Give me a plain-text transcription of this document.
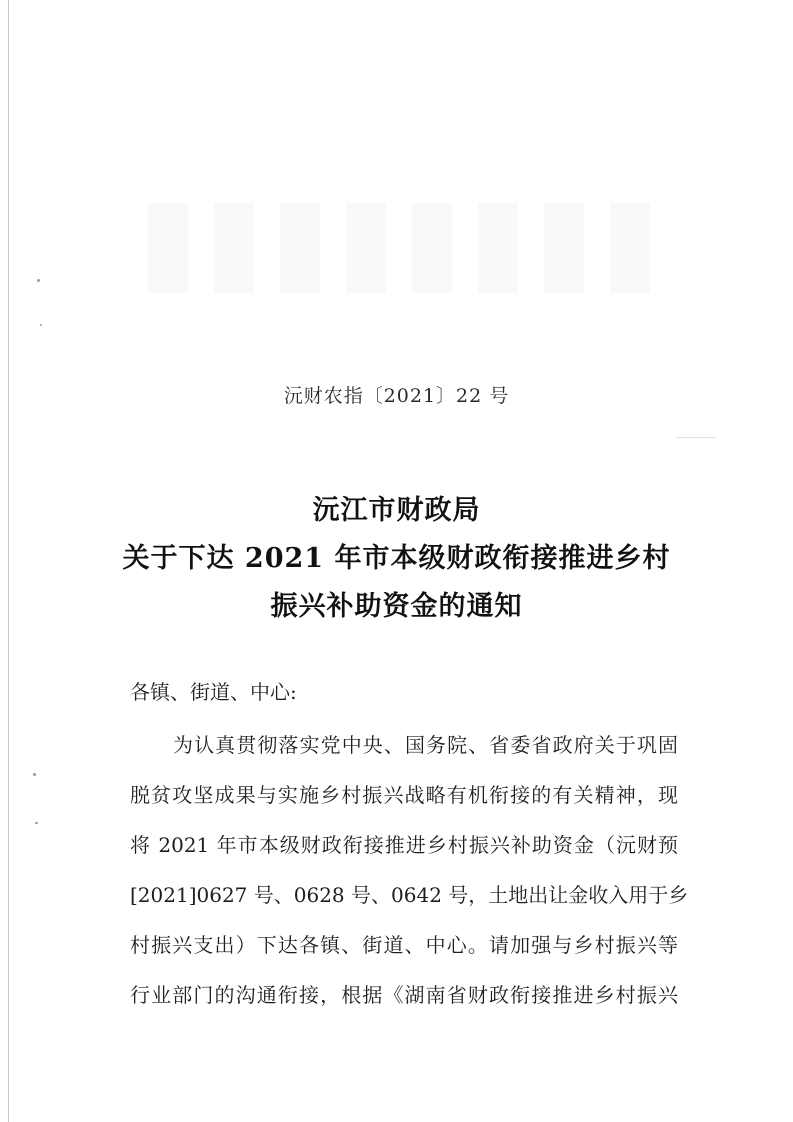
沅财农指〔2021〕22 号
沅江市财政局
关于下达 2021 年市本级财政衔接推进乡村
振兴补助资金的通知
各镇、街道、中心:
为认真贯彻落实党中央、国务院、省委省政府关于巩固
脱贫攻坚成果与实施乡村振兴战略有机衔接的有关精神，现
将 2021 年市本级财政衔接推进乡村振兴补助资金（沅财预
[2021]0627 号、0628 号、0642 号，土地出让金收入用于乡
村振兴支出）下达各镇、街道、中心。请加强与乡村振兴等
行业部门的沟通衔接，根据《湖南省财政衔接推进乡村振兴
